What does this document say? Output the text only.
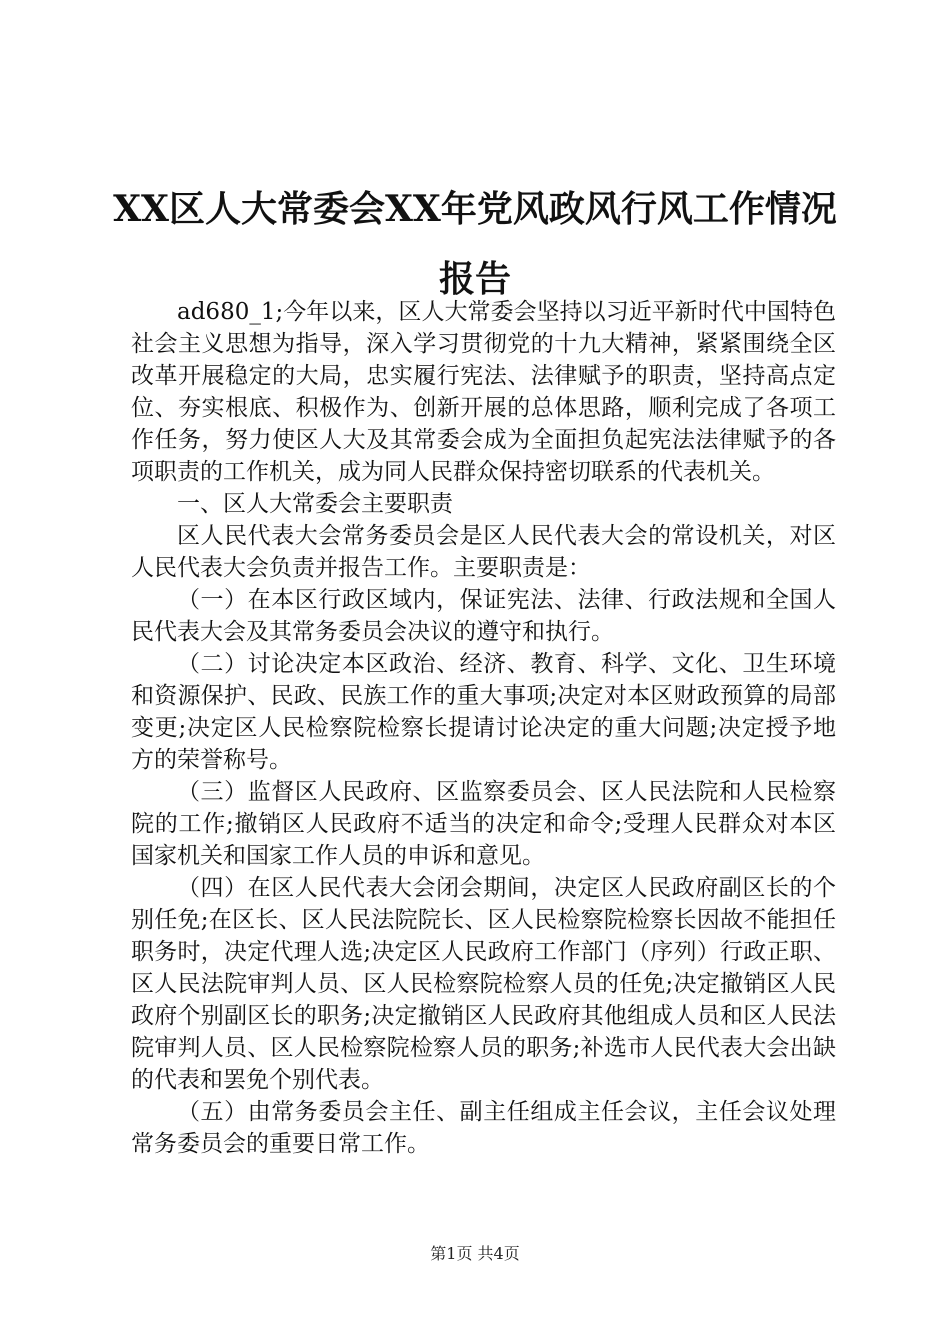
XX区人大常委会XX年党风政风行风工作情况报告

ad680_1;今年以来，区人大常委会坚持以习近平新时代中国特色社会主义思想为指导，深入学习贯彻党的十九大精神，紧紧围绕全区改革开展稳定的大局，忠实履行宪法、法律赋予的职责，坚持高点定位、夯实根底、积极作为、创新开展的总体思路，顺利完成了各项工作任务，努力使区人大及其常委会成为全面担负起宪法法律赋予的各项职责的工作机关，成为同人民群众保持密切联系的代表机关。

一、区人大常委会主要职责

区人民代表大会常务委员会是区人民代表大会的常设机关，对区人民代表大会负责并报告工作。主要职责是：

（一）在本区行政区域内，保证宪法、法律、行政法规和全国人民代表大会及其常务委员会决议的遵守和执行。

（二）讨论决定本区政治、经济、教育、科学、文化、卫生环境和资源保护、民政、民族工作的重大事项;决定对本区财政预算的局部变更;决定区人民检察院检察长提请讨论决定的重大问题;决定授予地方的荣誉称号。

（三）监督区人民政府、区监察委员会、区人民法院和人民检察院的工作;撤销区人民政府不适当的决定和命令;受理人民群众对本区国家机关和国家工作人员的申诉和意见。

（四）在区人民代表大会闭会期间，决定区人民政府副区长的个别任免;在区长、区人民法院院长、区人民检察院检察长因故不能担任职务时，决定代理人选;决定区人民政府工作部门（序列）行政正职、区人民法院审判人员、区人民检察院检察人员的任免;决定撤销区人民政府个别副区长的职务;决定撤销区人民政府其他组成人员和区人民法院审判人员、区人民检察院检察人员的职务;补选市人民代表大会出缺的代表和罢免个别代表。

（五）由常务委员会主任、副主任组成主任会议，主任会议处理常务委员会的重要日常工作。

第1页 共4页
